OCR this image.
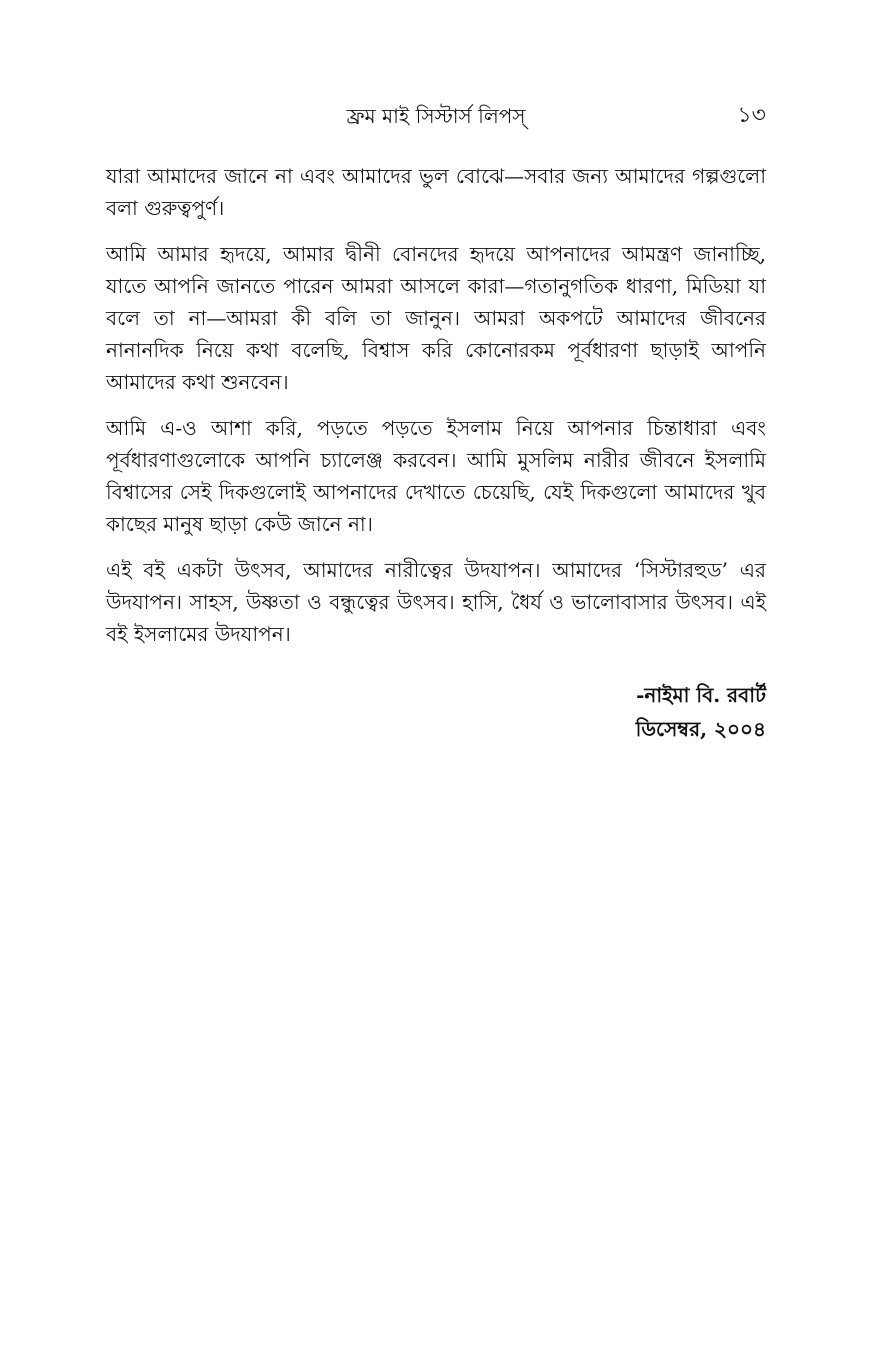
ফ্রম মাই সিস্টার্স লিপস্	১৩

যারা আমাদের জানে না এবং আমাদের ভুল বোঝে—সবার জন্য আমাদের গল্পগুলো বলা গুরুত্বপুর্ণ।

আমি আমার হৃদয়ে, আমার দ্বীনী বোনদের হৃদয়ে আপনাদের আমন্ত্রণ জানাচ্ছি, যাতে আপনি জানতে পারেন আমরা আসলে কারা—গতানুগতিক ধারণা, মিডিয়া যা বলে তা না—আমরা কী বলি তা জানুন। আমরা অকপটে আমাদের জীবনের নানানদিক নিয়ে কথা বলেছি, বিশ্বাস করি কোনোরকম পূর্বধারণা ছাড়াই আপনি আমাদের কথা শুনবেন।

আমি এ-ও আশা করি, পড়তে পড়তে ইসলাম নিয়ে আপনার চিন্তাধারা এবং পূর্বধারণাগুলোকে আপনি চ্যালেঞ্জ করবেন। আমি মুসলিম নারীর জীবনে ইসলামি বিশ্বাসের সেই দিকগুলোই আপনাদের দেখাতে চেয়েছি, যেই দিকগুলো আমাদের খুব কাছের মানুষ ছাড়া কেউ জানে না।

এই বই একটা উৎসব, আমাদের নারীত্বের উদযাপন। আমাদের ‘সিস্টারহুড’ এর উদযাপন। সাহস, উষ্ণতা ও বন্ধুত্বের উৎসব। হাসি, ধৈর্য ও ভালোবাসার উৎসব। এই বই ইসলামের উদযাপন।

-নাইমা বি. রবার্ট
ডিসেম্বর, ২০০৪
